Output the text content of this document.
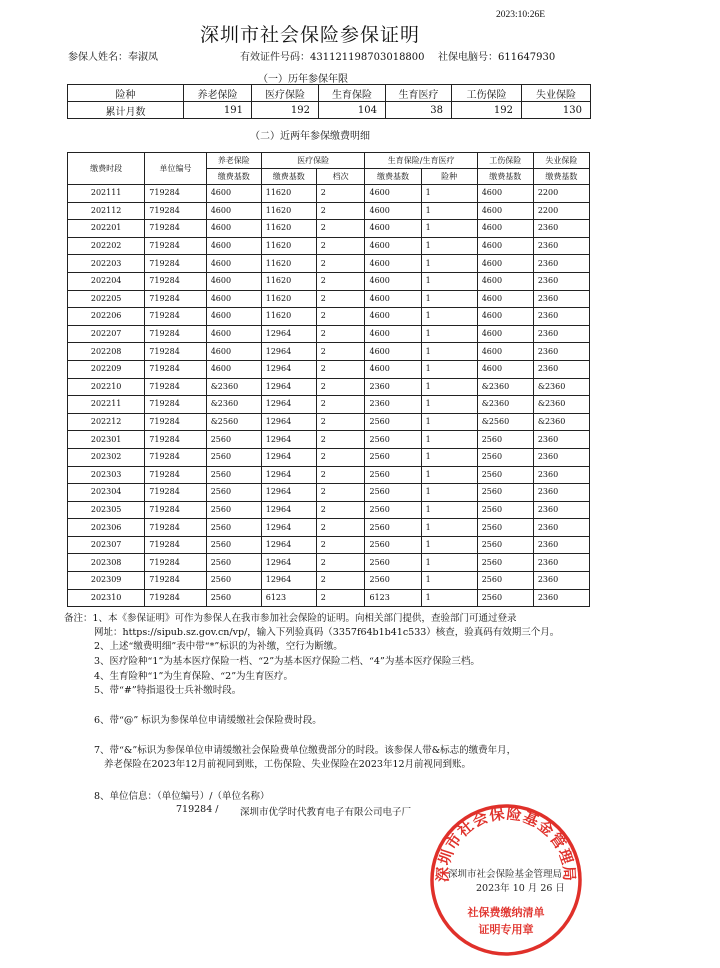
2023:10:26E
深圳市社会保险参保证明
参保人姓名：奉淑凤	有效证件号码：431121198703018800 社保电脑号：611647930
（一）历年参保年限
险种	养老保险	医疗保险	生育保险	生育医疗	工伤保险	失业保险
累计月数	191	192	104	38	192	130
（二）近两年参保缴费明细
缴费时段	单位编号	养老保险	医疗保险		生育保险/生育医疗		工伤保险	失业保险
		缴费基数	缴费基数	档次	缴费基数	险种	缴费基数	缴费基数
202111	719284	4600	11620	2	4600	1	4600	2200
202112	719284	4600	11620	2	4600	1	4600	2200
202201	719284	4600	11620	2	4600	1	4600	2360
202202	719284	4600	11620	2	4600	1	4600	2360
202203	719284	4600	11620	2	4600	1	4600	2360
202204	719284	4600	11620	2	4600	1	4600	2360
202205	719284	4600	11620	2	4600	1	4600	2360
202206	719284	4600	11620	2	4600	1	4600	2360
202207	719284	4600	12964	2	4600	1	4600	2360
202208	719284	4600	12964	2	4600	1	4600	2360
202209	719284	4600	12964	2	4600	1	4600	2360
202210	719284	&2360	12964	2	2360	1	&2360	&2360
202211	719284	&2360	12964	2	2360	1	&2360	&2360
202212	719284	&2560	12964	2	2560	1	&2560	&2360
202301	719284	2560	12964	2	2560	1	2560	2360
202302	719284	2560	12964	2	2560	1	2560	2360
202303	719284	2560	12964	2	2560	1	2560	2360
202304	719284	2560	12964	2	2560	1	2560	2360
202305	719284	2560	12964	2	2560	1	2560	2360
202306	719284	2560	12964	2	2560	1	2560	2360
202307	719284	2560	12964	2	2560	1	2560	2360
202308	719284	2560	12964	2	2560	1	2560	2360
202309	719284	2560	12964	2	2560	1	2560	2360
202310	719284	2560	6123	2	6123	1	2560	2360
备注：1、本《参保证明》可作为参保人在我市参加社会保险的证明。向相关部门提供，查验部门可通过登录
网址：https://sipub.sz.gov.cn/vp/，输入下列验真码（3357f64b1b41c533）核查，验真码有效期三个月。
2、上述“缴费明细”表中带“*”标识的为补缴，空行为断缴。
3、医疗险种“1”为基本医疗保险一档、“2”为基本医疗保险二档、“4”为基本医疗保险三档。
4、生育险种“1”为生育保险、“2”为生育医疗。
5、带“#”特指退役士兵补缴时段。
6、带“@” 标识为参保单位申请缓缴社会保险费时段。
7、带“&”标识为参保单位申请缓缴社会保险费单位缴费部分的时段。该参保人带&标志的缴费年月，
养老保险在2023年12月前视同到账，工伤保险、失业保险在2023年12月前视同到账。
8、单位信息：（单位编号）/（单位名称）
719284 / 深圳市优学时代教育电子有限公司电子厂
深圳市社会保险基金管理局
社保费缴纳清单
证明专用章
深圳市社会保险基金管理局
2023年 10 月 26 日
